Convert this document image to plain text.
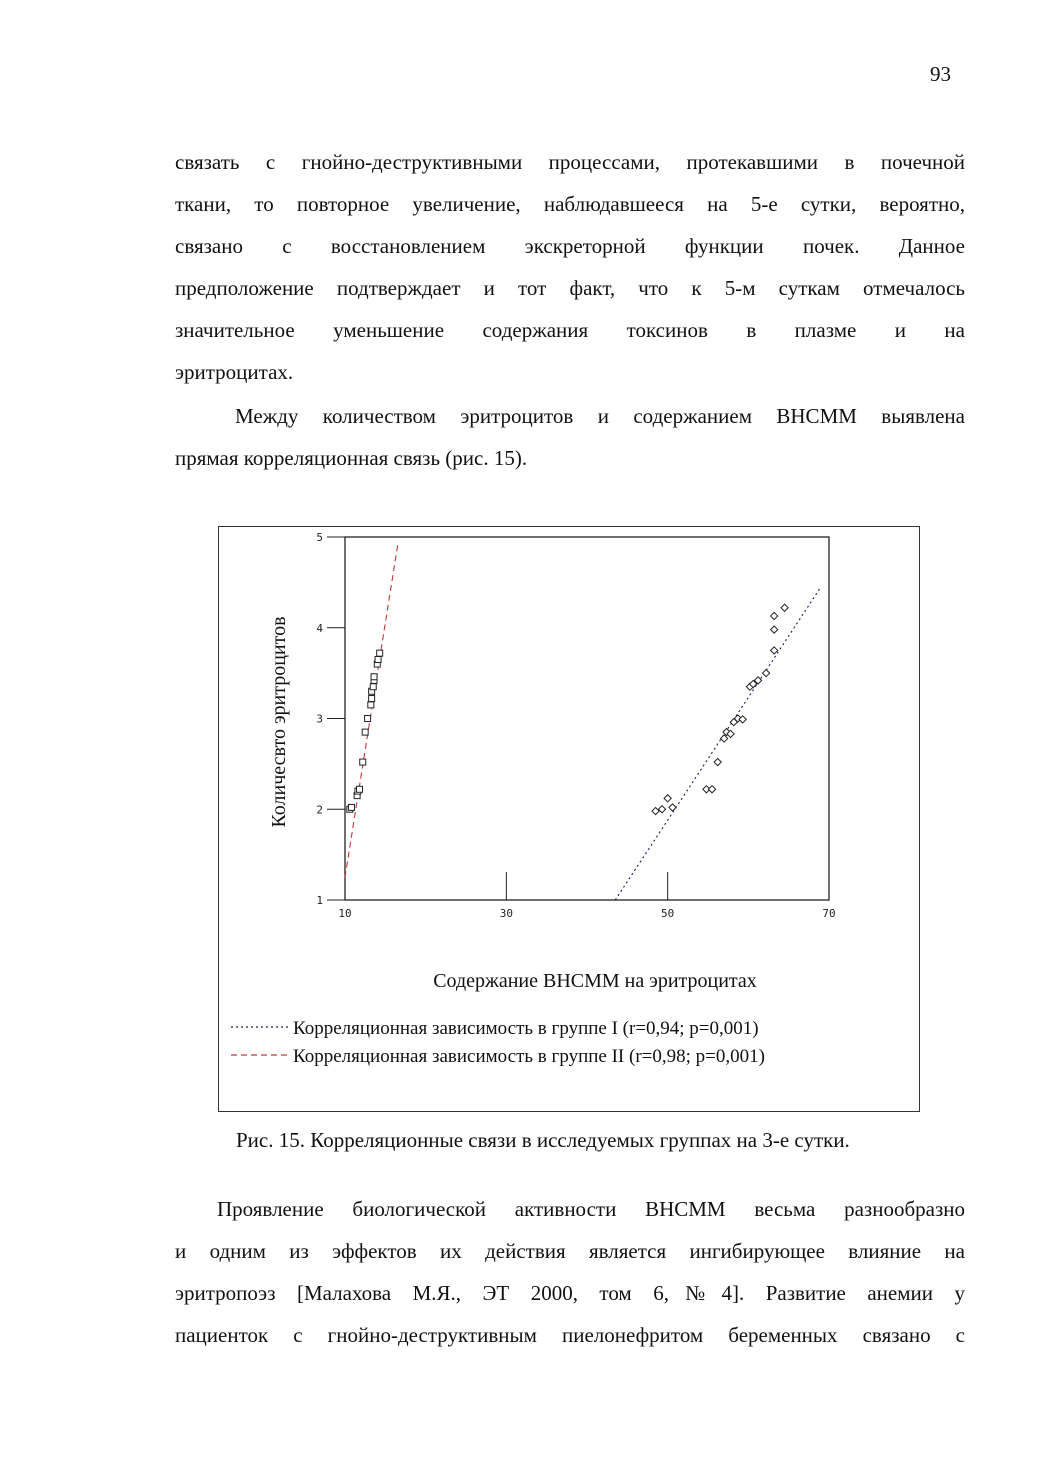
93
связать с гнойно-деструктивными процессами, протекавшими в почечной
ткани, то повторное увеличение, наблюдавшееся на 5-е сутки, вероятно,
связано с восстановлением экскреторной функции почек. Данное
предположение подтверждает и тот факт, что к 5-м суткам отмечалось
значительное уменьшение содержания токсинов в плазме и на
эритроцитах.
Между количеством эритроцитов и содержанием ВНСММ выявлена
прямая корреляционная связь (рис. 15).
1
2
3
4
5
10	30	50	70
Количесвто эритроцитов
Содержание ВНСММ на эритроцитах
Корреляционная зависимость в группе I (r=0,94; p=0,001)
Корреляционная зависимость в группе II (r=0,98; p=0,001)
Рис. 15. Корреляционные связи в исследуемых группах на 3-е сутки.
Проявление биологической активности ВНСММ весьма разнообразно
и одним из эффектов их действия является ингибирующее влияние на
эритропоэз [Малахова М.Я., ЭТ 2000, том 6,№4]. Развитие анемии у
пациенток с гнойно-деструктивным пиелонефритом беременных связано с
